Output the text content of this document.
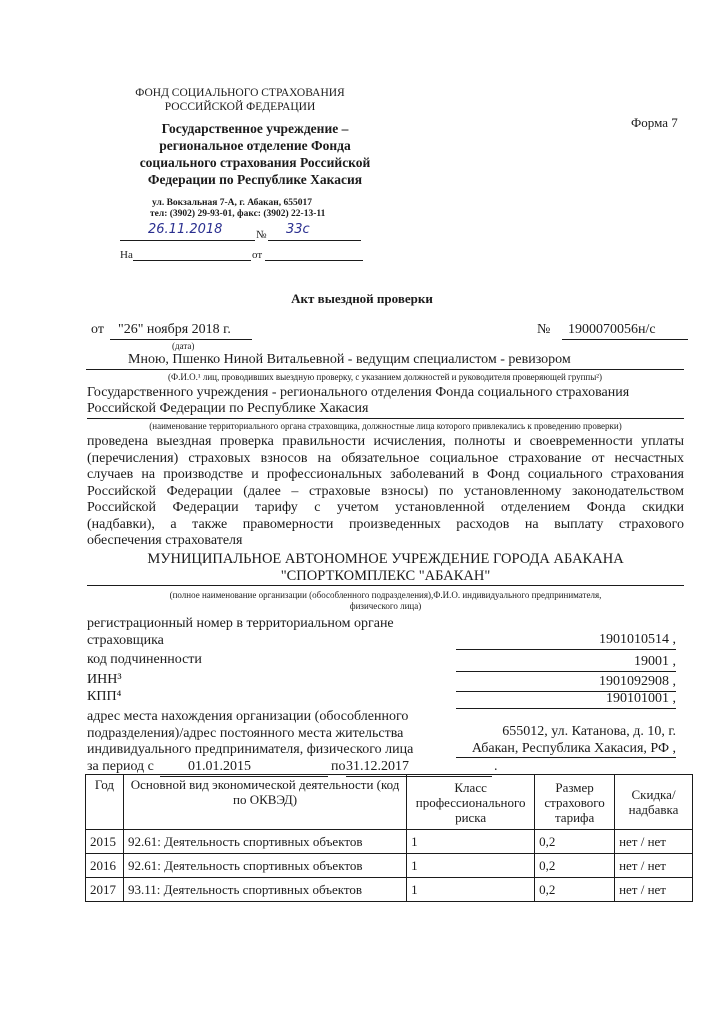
ФОНД СОЦИАЛЬНОГО СТРАХОВАНИЯ
РОССИЙСКОЙ ФЕДЕРАЦИИ
Государственное учреждение –
региональное отделение Фонда
социального страхования Российской
Федерации по Республике Хакасия
ул. Вокзальная 7-А, г. Абакан, 655017
тел: (3902) 29-93-01, факс: (3902) 22-13-11
26.11.2018	№ 33с
На	от
Форма 7
Акт выездной проверки
от	"26" ноября 2018 г.
(дата)
№	1900070056н/с
Мною, Пшенко Ниной Витальевной - ведущим специалистом - ревизором
(Ф.И.О.¹ лиц, проводивших выездную проверку, с указанием должностей и руководителя проверяющей группы²)
Государственного учреждения - регионального отделения Фонда социального страхования
Российской Федерации по Республике Хакасия
(наименование территориального органа страховщика, должностные лица которого привлекались к проведению проверки)
проведена выездная проверка правильности исчисления, полноты и своевременности уплаты
(перечисления) страховых взносов на обязательное социальное страхование от несчастных
случаев на производстве и профессиональных заболеваний в Фонд социального страхования
Российской Федерации (далее – страховые взносы) по установленному законодательством
Российской Федерации тарифу с учетом установленной отделением Фонда скидки
(надбавки), а также правомерности произведенных расходов на выплату страхового
обеспечения страхователя
МУНИЦИПАЛЬНОЕ АВТОНОМНОЕ УЧРЕЖДЕНИЕ ГОРОДА АБАКАНА
"СПОРТКОМПЛЕКС "АБАКАН"
(полное наименование организации (обособленного подразделения),Ф.И.О. индивидуального предпринимателя,
физического лица)
регистрационный номер в территориальном органе
страховщика	1901010514 ,
код подчиненности	19001 ,
ИНН³	1901092908 ,
КПП⁴	190101001 ,
адрес места нахождения организации (обособленного
подразделения)/адрес постоянного места жительства
индивидуального предпринимателя, физического лица
655012, ул. Катанова, д. 10, г.
Абакан, Республика Хакасия, РФ ,
за период с	01.01.2015	по 31.12.2017	.
Год	Основной вид экономической деятельности (код по ОКВЭД)	Класс профессионального риска	Размер страхового тарифа	Скидка/ надбавка
2015	92.61: Деятельность спортивных объектов	1	0,2	нет / нет
2016	92.61: Деятельность спортивных объектов	1	0,2	нет / нет
2017	93.11: Деятельность спортивных объектов	1	0,2	нет / нет
